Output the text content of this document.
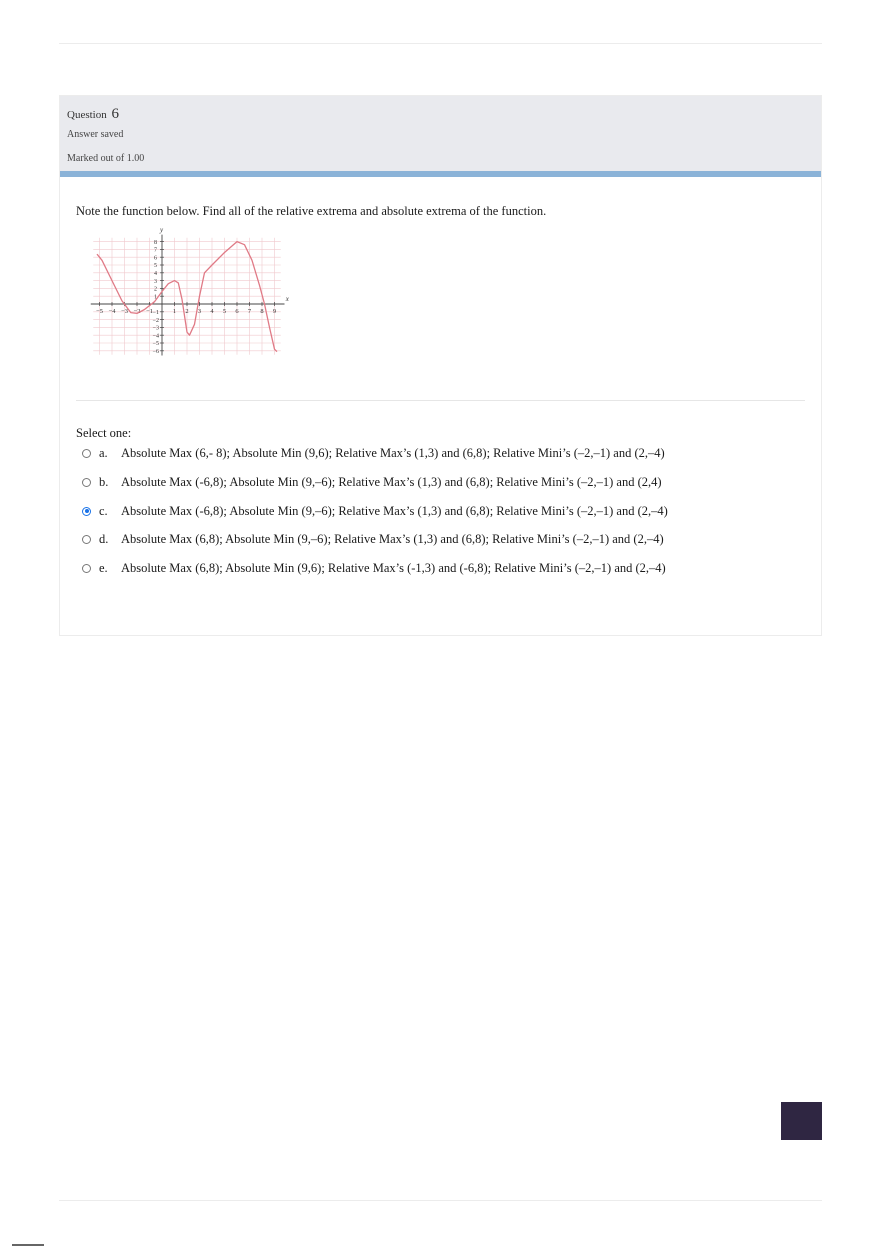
Question 6
Answer saved
Marked out of 1.00
Note the function below. Find all of the relative extrema and absolute extrema of the function.
−5 −4 −3 −2 −1	1 2 3 4 5 6 7 8 9
8
7
6
5
4
3
2
1
−1
−2
−3
−4
−5
−6
x
y
Select one:
a.	Absolute Max (6,- 8); Absolute Min (9,6); Relative Max’s (1,3) and (6,8); Relative Mini’s (–2,–1) and (2,–4)
b.	Absolute Max (-6,8); Absolute Min (9,–6); Relative Max’s (1,3) and (6,8); Relative Mini’s (–2,–1) and (2,4)
c.	Absolute Max (-6,8); Absolute Min (9,–6); Relative Max’s (1,3) and (6,8); Relative Mini’s (–2,–1) and (2,–4)
d.	Absolute Max (6,8); Absolute Min (9,–6); Relative Max’s (1,3) and (6,8); Relative Mini’s (–2,–1) and (2,–4)
e.	Absolute Max (6,8); Absolute Min (9,6); Relative Max’s (-1,3) and (-6,8); Relative Mini’s (–2,–1) and (2,–4)
